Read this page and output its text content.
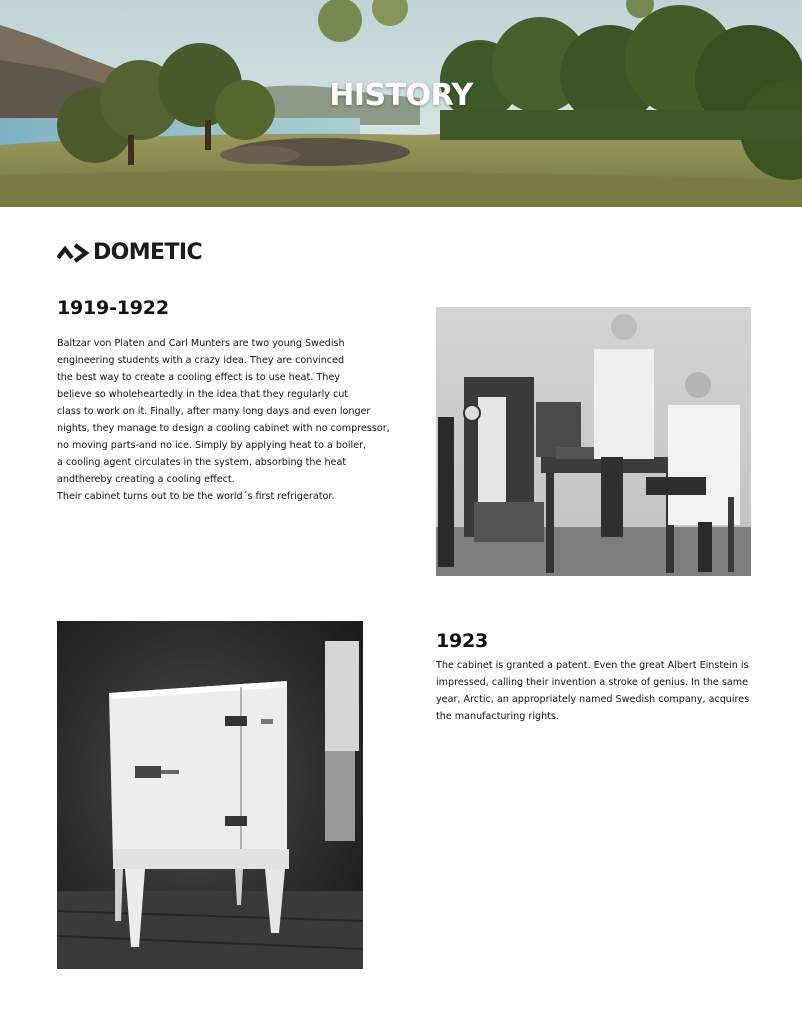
HISTORY
DOMETIC
1919-1922
Baltzar von Platen and Carl Munters are two young Swedish
engineering students with a crazy idea. They are convinced
the best way to create a cooling effect is to use heat. They
believe so wholeheartedly in the idea that they regularly cut
class to work on it. Finally, after many long days and even longer
nights, they manage to design a cooling cabinet with no compressor,
no moving parts-and no ice. Simply by applying heat to a boiler,
a cooling agent circulates in the system, absorbing the heat
andthereby creating a cooling effect.
Their cabinet turns out to be the world´s first refrigerator.
1923
The cabinet is granted a patent. Even the great Albert Einstein is
impressed, calling their invention a stroke of genius. In the same
year, Arctic, an appropriately named Swedish company, acquires
the manufacturing rights.
